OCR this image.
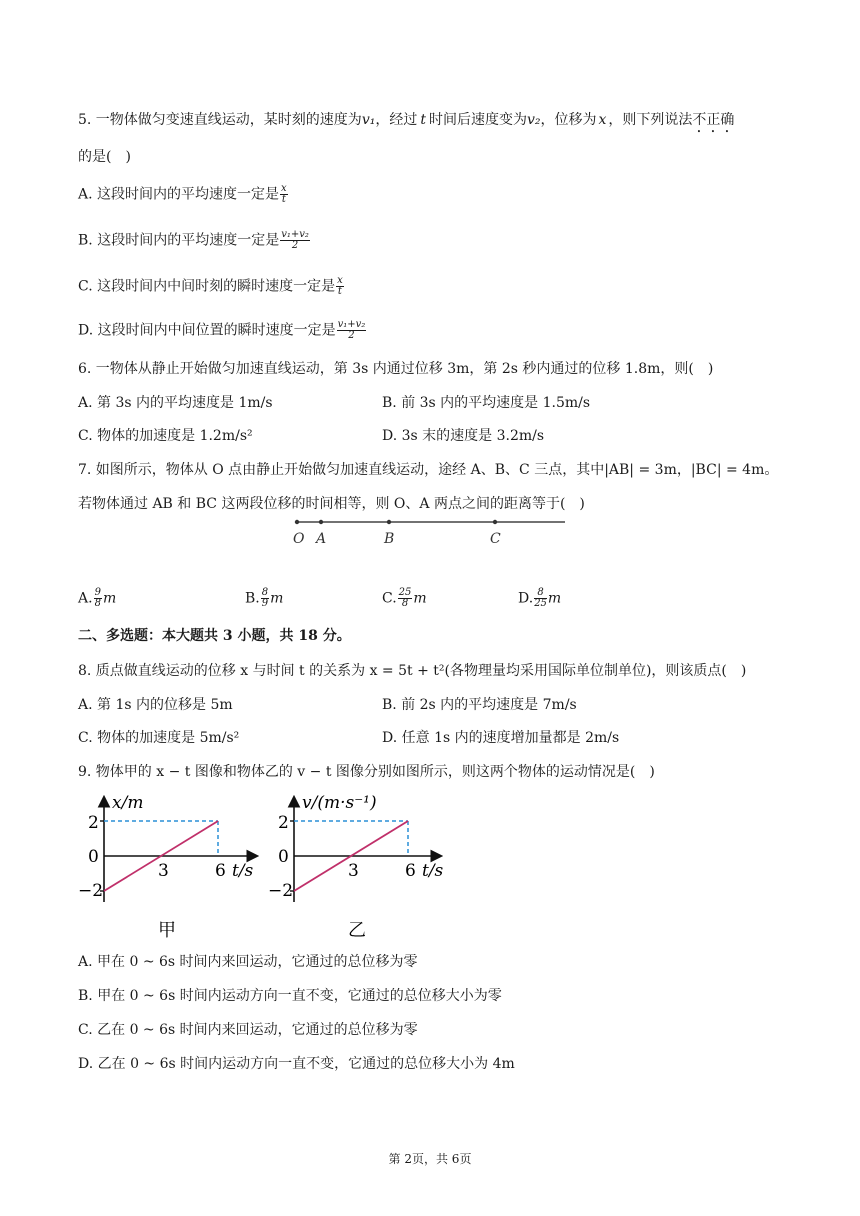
5. 一物体做匀变速直线运动，某时刻的速度为v₁，经过 t 时间后速度变为v₂，位移为 x ，则下列说法不正确
的是(　)
A. 这段时间内的平均速度一定是 $\frac{x}{t}$
B. 这段时间内的平均速度一定是 $\frac{\text{v₁+v₂}}{2}$
C. 这段时间内中间时刻的瞬时速度一定是 $\frac{x}{t}$
D. 这段时间内中间位置的瞬时速度一定是 $\frac{\text{v₁+v₂}}{2}$
6. 一物体从静止开始做匀加速直线运动，第 3s 内通过位移 3m，第 2s 秒内通过的位移 1.8m，则(　)
A. 第 3s 内的平均速度是 1m/s	B. 前 3s 内的平均速度是 1.5m/s
C. 物体的加速度是 1.2m/s²	D. 3s 末的速度是 3.2m/s
7. 如图所示，物体从 O 点由静止开始做匀加速直线运动，途经 A、B、C 三点，其中|AB| = 3m，|BC| = 4m。
若物体通过 AB 和 BC 这两段位移的时间相等，则 O、A 两点之间的距离等于(　)
O A	B	C
A. $\frac{9}{8}$ m	B. $\frac{8}{9}$ m	C. $\frac{25}{8}$ m	D. $\frac{8}{25}$ m
二、多选题：本大题共 3 小题，共 18 分。
8. 质点做直线运动的位移 x 与时间 t 的关系为 x = 5t + t²(各物理量均采用国际单位制单位)，则该质点(　)
A. 第 1s 内的位移是 5m	B. 前 2s 内的平均速度是 7m/s
C. 物体的加速度是 5m/s²	D. 任意 1s 内的速度增加量都是 2m/s
9. 物体甲的 x − t 图像和物体乙的 v − t 图像分别如图所示，则这两个物体的运动情况是(　)
x/m
t/s
2
0
−2
3	6
甲
v/(m·s⁻¹)
t/s
2
0
−2
3	6
乙
A. 甲在 0 ~ 6s 时间内来回运动，它通过的总位移为零
B. 甲在 0 ~ 6s 时间内运动方向一直不变，它通过的总位移大小为零
C. 乙在 0 ~ 6s 时间内来回运动，它通过的总位移为零
D. 乙在 0 ~ 6s 时间内运动方向一直不变，它通过的总位移大小为 4m
第 2页，共 6页
